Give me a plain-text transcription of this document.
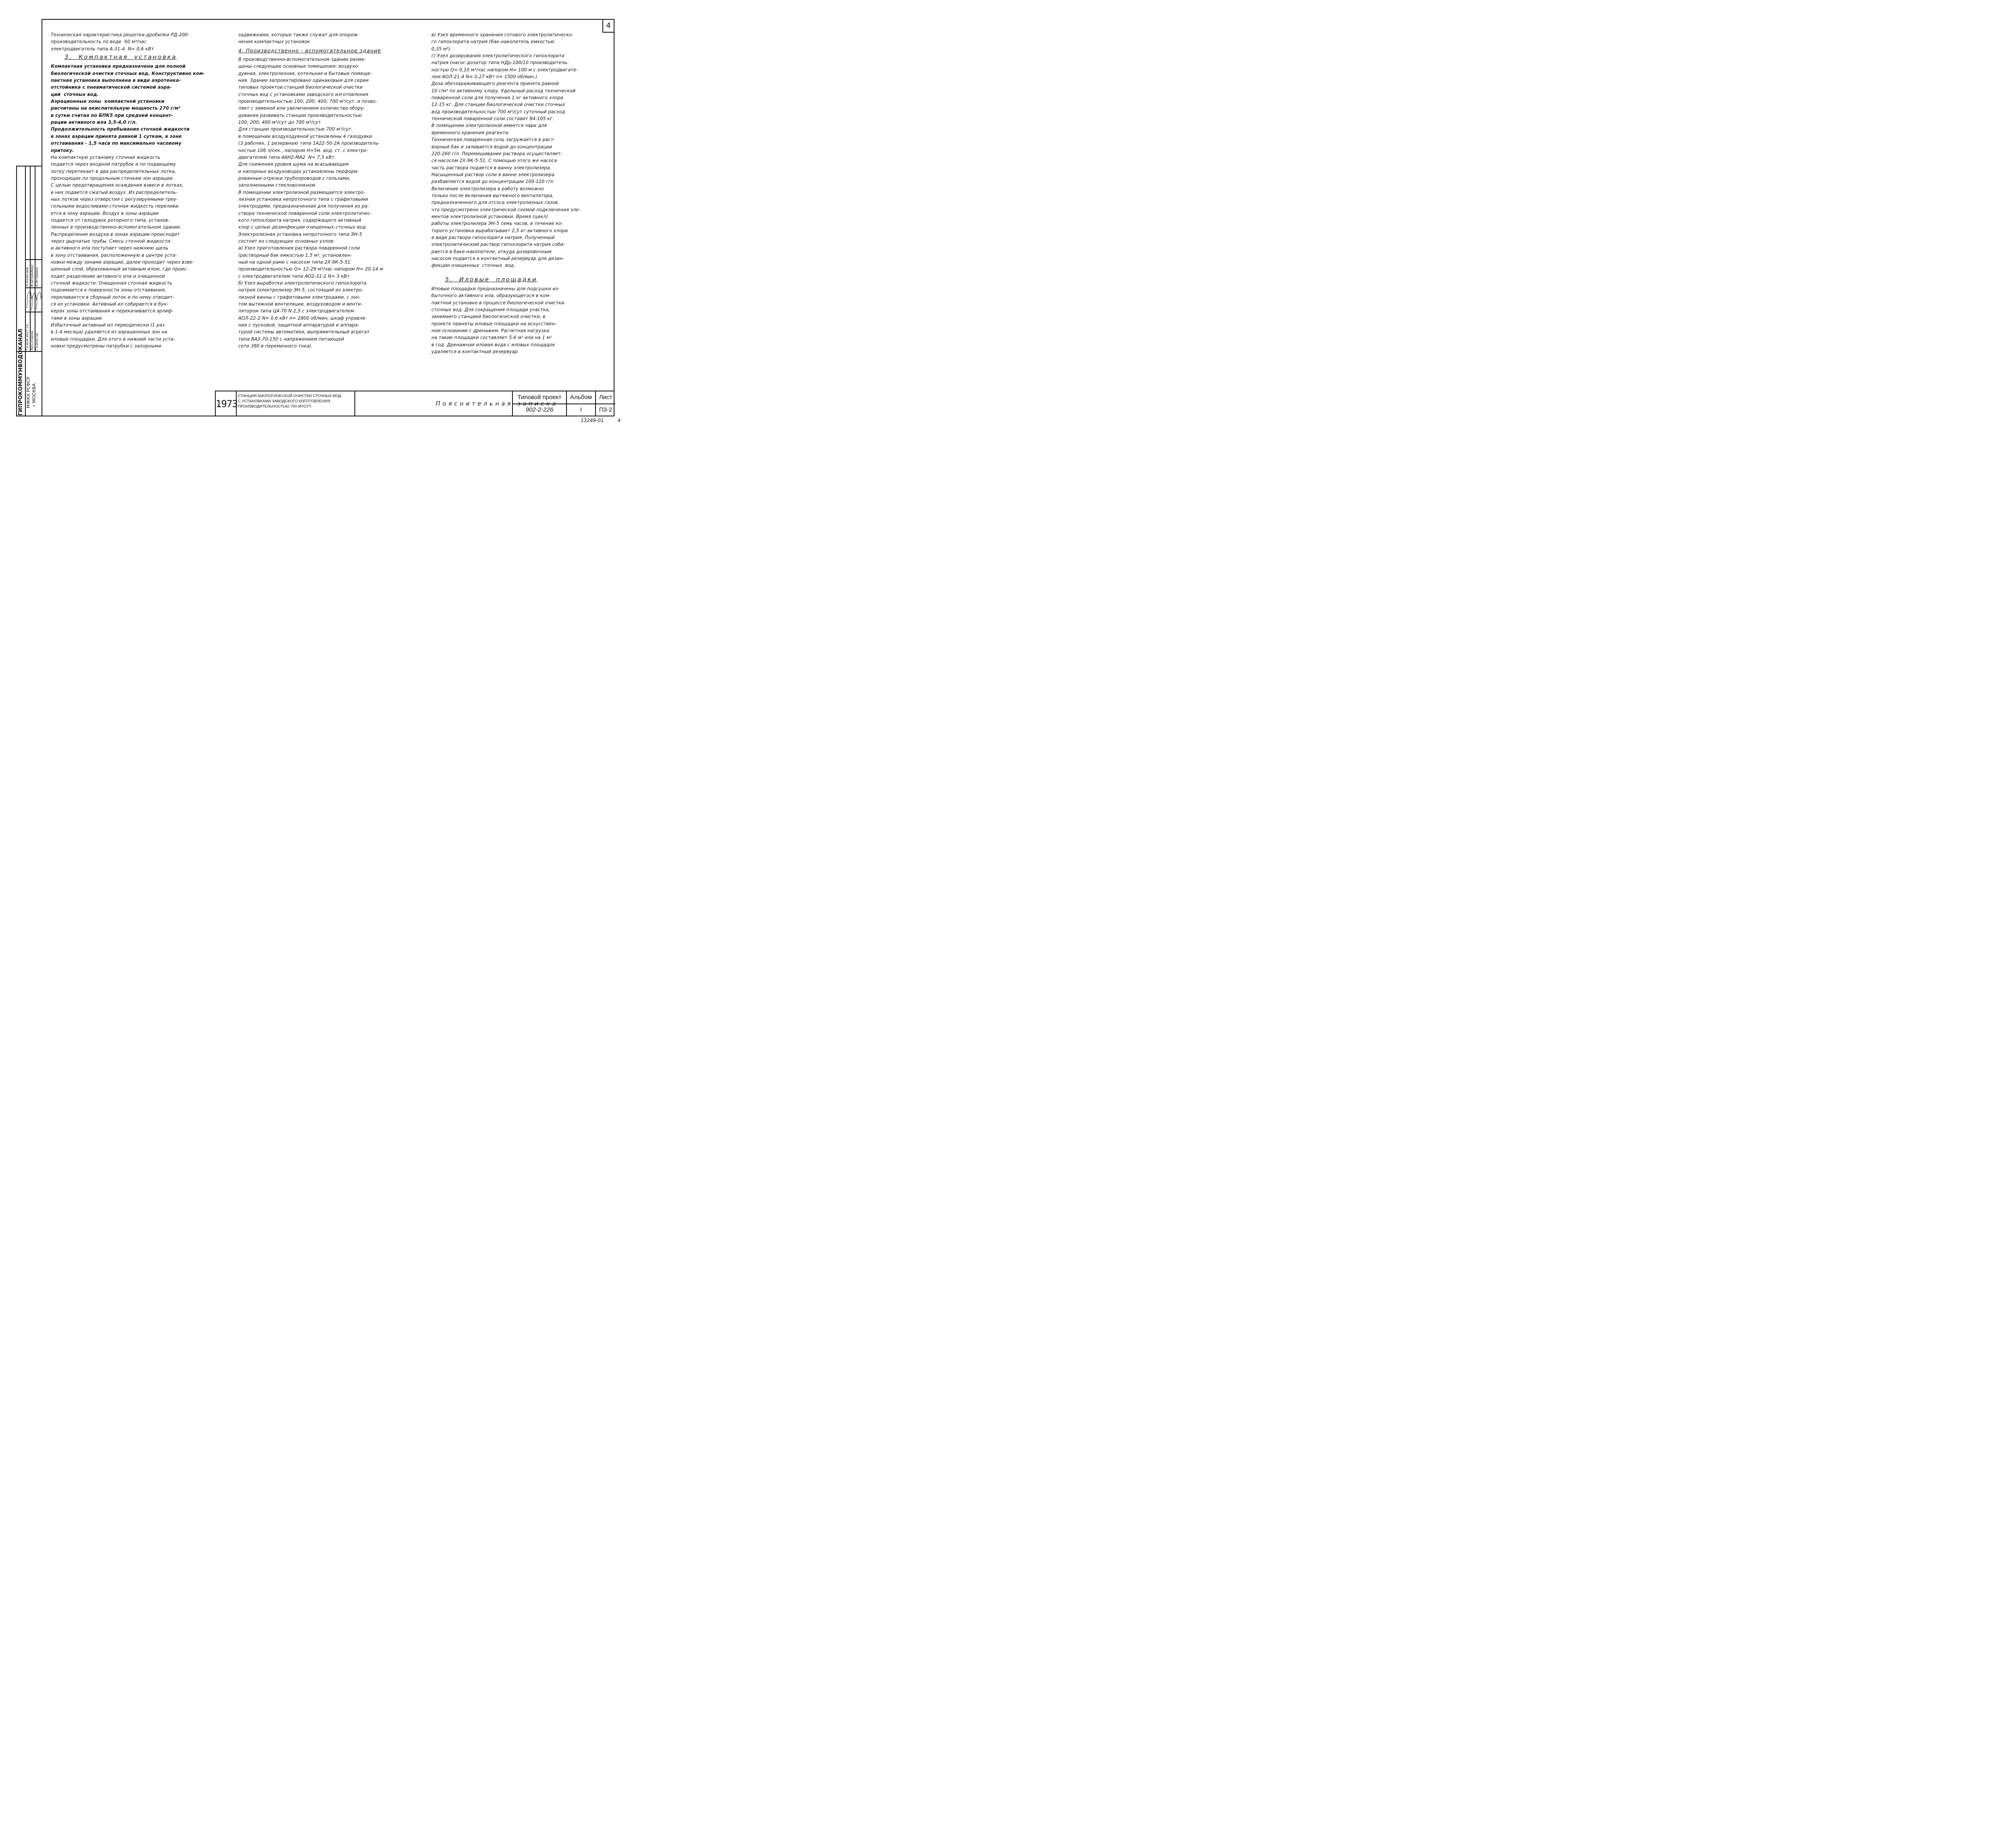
4

Техническая характеристика решетки-дробилки РД-200:

производительность по воде  60 м³/час

электродвигатель типа А-31-4  N= 0,6 кВт

3.  Компактная  установка

Компактная установка предназначена для полной

биологической очистки сточных вод. Конструктивно ком-

пактная установка выполнена в виде аэротенка-

отстойника с пневматической системой аэра-

ций  сточных вод.

Аэрационные зоны  компактной установки

расчитаны на окислительную мощность 270 г/м³

в сутки считая по БПК5 при средней концент-

рации активного ила 3,5-4,0 г/л.

Продолжительность пребывания сточной жидкости

в зонах аэрации принята равной 1 суткам, в зоне

отстаивания - 1,5 часа по максимально часовому

притоку.

На компактную установку сточная жидкость

подается через входной патрубок и по подающему

лотку перетекает в два распределительных лотка,

проходящих по продольным стенкам зон аэрации.

С целью предотвращения осаждения взвеси в лотках,

в них подается сжатый воздух. Из распределитель-

ных лотков через отверстия с регулируемыми треу-

гольными водосливами сточная жидкость перелива-

ется в зону аэрации. Воздух в зоны аэрации

подается от газодувок роторного типа, установ-

ленных в производственно-вспомогательном здании.

Распределение воздуха в зонах аэрации происходит

через дырчатые трубы. Смесь сточной жидкости

и активного ила поступает через нижнюю щель

в зону отстаивания, расположенную в центре уста-

новки между зонами аэрации, далее проходит через взве-

шенный слой, образованный активным илом, где проис-

ходит разделение активного ила и очищенной

сточной жидкости. Очищенная сточная жидкость

поднимается к поверхности зоны отстаивания,

переливается в сборный лоток и по нему отводит-

ся из установки. Активный ил собирается в бун-

керах зоны отстаивания и перекачивается эрлиф-

тами в зоны аэрации.

Избыточный активный ил периодически (1 раз

в 1-4 месяца) удаляется из аэрационных зон на

иловые площадки. Для этого в нижней части уста-

новки предусмотрены патрубки с запорными

задвижками, которые также служат для опорож-

нения компактных установок

4. Производственно - вспомогательное здание

В производственно-вспомогательном здании разме-

щены следующие основные помещения: воздухо-

дувная, электролизная, котельная и бытовые помеще-

ния. Здание запроектировано одинаковым для серии

типовых проектов станций биологической очистки

сточных вод с установками заводского изготовления

производительностью 100; 200; 400; 700 м³/сут. и позво-

ляет с заменой или увеличением количества обору-

дования развивать станции производительностью

100; 200; 400 м³/сут до 700 м³/сут.

Для станции производительностью 700 м³/сут.

в помещении воздуходувной установлены 4 газодувки

(3 рабочих, 1 резервная) типа 1А22-50-2А производитель-

ностью 106 л/сек., напором Н=5м. вод. ст. с электро-

двигателем типа 4АН2-МА2  N= 7,5 кВт.

Для снижения уровня шума на всасывающем

и напорных воздуховодах установлены перфори-

рованные отрезки трубопроводов с гильзами,

заполненными стекловолокном.

В помещении электролизной размещается электро-

лизная установка непроточного типа с графитовыми

электродами, предназначенная для получения из ра-

створа технической поваренной соли электролитичес-

кого гипохлорита натрия, содержащего активный

хлор с целью дезинфекции очищенных сточных вод.

Электролизная установка непроточного типа ЭН-5

состоит из следующих основных узлов:

а) Узел приготовления раствора поваренной соли

(растворный бак емкостью 1,5 м³, установлен-

ный на одной раме с насосом типа 2Х-9К-5-51

производительностью Q= 12-29 м³/час напором Н= 20-14 м

с электродвигателем типа АО2-31-2 N= 3 кВт

б) Узел выработки электролитического гипохлорита

натрия (электролизер ЭН-5, состоящий из электро-

лизной ванны с графитовыми электродами, с зон-

том вытяжной вентиляции, воздуховодом и венти-

лятором типа Ц4-70 N 2,5 с электродвигателем

АОЛ-22-2 N= 0,6 кВт n= 2800 об/мин; шкаф управле-

ния с пусковой, защитной аппаратурой и аппара-

турой системы автоматики, выпрямительный агрегат

типа ВАЗ-70-150 с напряжением питающей

сети 380 в переменного тока).

в) Узел временного хранения готового электролитическо-

го гипохлорита натрия (бак-накопитель емкостью

0,35 м³).

г) Узел дозирования электролитического гипохлорита

натрия (насос-дозатор типа НДр-100/10 производитель-

ностью Q= 0,10 м³/час напором Н= 100 м с электродвигате-

лем АОЛ-21-4 N= 0,27 кВт n= 1500 об/мин.)

Доза обеззараживающего реагента принята равной

10 г/м³ по активному хлору. Удельный расход технической

поваренной соли для получения 1 кг активного хлора

12-15 кг. Для станции биологической очистки сточных

вод производительностью 700 м³/сут суточный расход

технической поваренной соли составит 84-105 кг.

В помещении электролизной имеется лари для

временного хранения реагента.

Техническая поваренная соль загружается в раст-

ворный бак и заливается водой до концентрации

220-260 г/л. Перемешивание раствора осуществляет-

ся насосом 2Х-9К-5-51. С помощью этого же насоса

часть раствора подается в ванну электролизера.

Насыщенный раствор соли в ванне электролизера

разбавляется водой до концентрации 100-120 г/л.

Включение электролизера в работу возможно

только после включения вытяжного вентилятора,

предназначенного для отсоса электролизных газов,

что предусмотрено электрической схемой подключения эле-

ментов электролизной установки. Время (цикл)

работы электролизера ЭН-5 семь часов, в течение ко-

торого установка вырабатывает 2,5 кг активного хлора

в виде раствора гипохлорита натрия. Полученный

электролитический раствор гипохлорита натрия соби-

рается в баке-накопителе, откуда дозировочным

насосом подается в контактный резервуар для дезин-

фекции очищенных  сточных  вод.

5.  Иловые  площадки

Иловые площадки предназначены для подсушки из-

быточного активного ила, образующегося в ком-

пактной установке в процессе биологической очистки

сточных вод. Для сокращения площади участка,

занимаего станцией биологической очистки, в

проекте приняты иловые площадки на искусствен-

ном основании с дренажем. Расчетная нагрузка

на такие площадки составляет 5-6 м³ ила на 1 м²

в год. Дренажная иловая вода с иловых площадок

удаляется в контактный резервуар.

ГИПРОКОММУНВОДОКАНАЛ МЖКХ РСФСР г.МОСКВА
Гл.инж.инст-та Нач.отдела Гл.инж.пр.
Н.Колигаев В.Штейнберг А.Эстерман
1973
СТАНЦИЯ БИОЛОГИЧЕСКОЙ ОЧИСТКИ СТОЧНЫХ ВОД
С УСТАНОВКАМИ ЗАВОДСКОГО ИЗГОТОВЛЕНИЯ
ПРОИЗВОДИТЕЛЬНОСТЬЮ 700 М³/СУТ.	Пояснительная записка
Типовой проект
902-2-226
Альбом
I
Лист
П3-2
13249-01	4
